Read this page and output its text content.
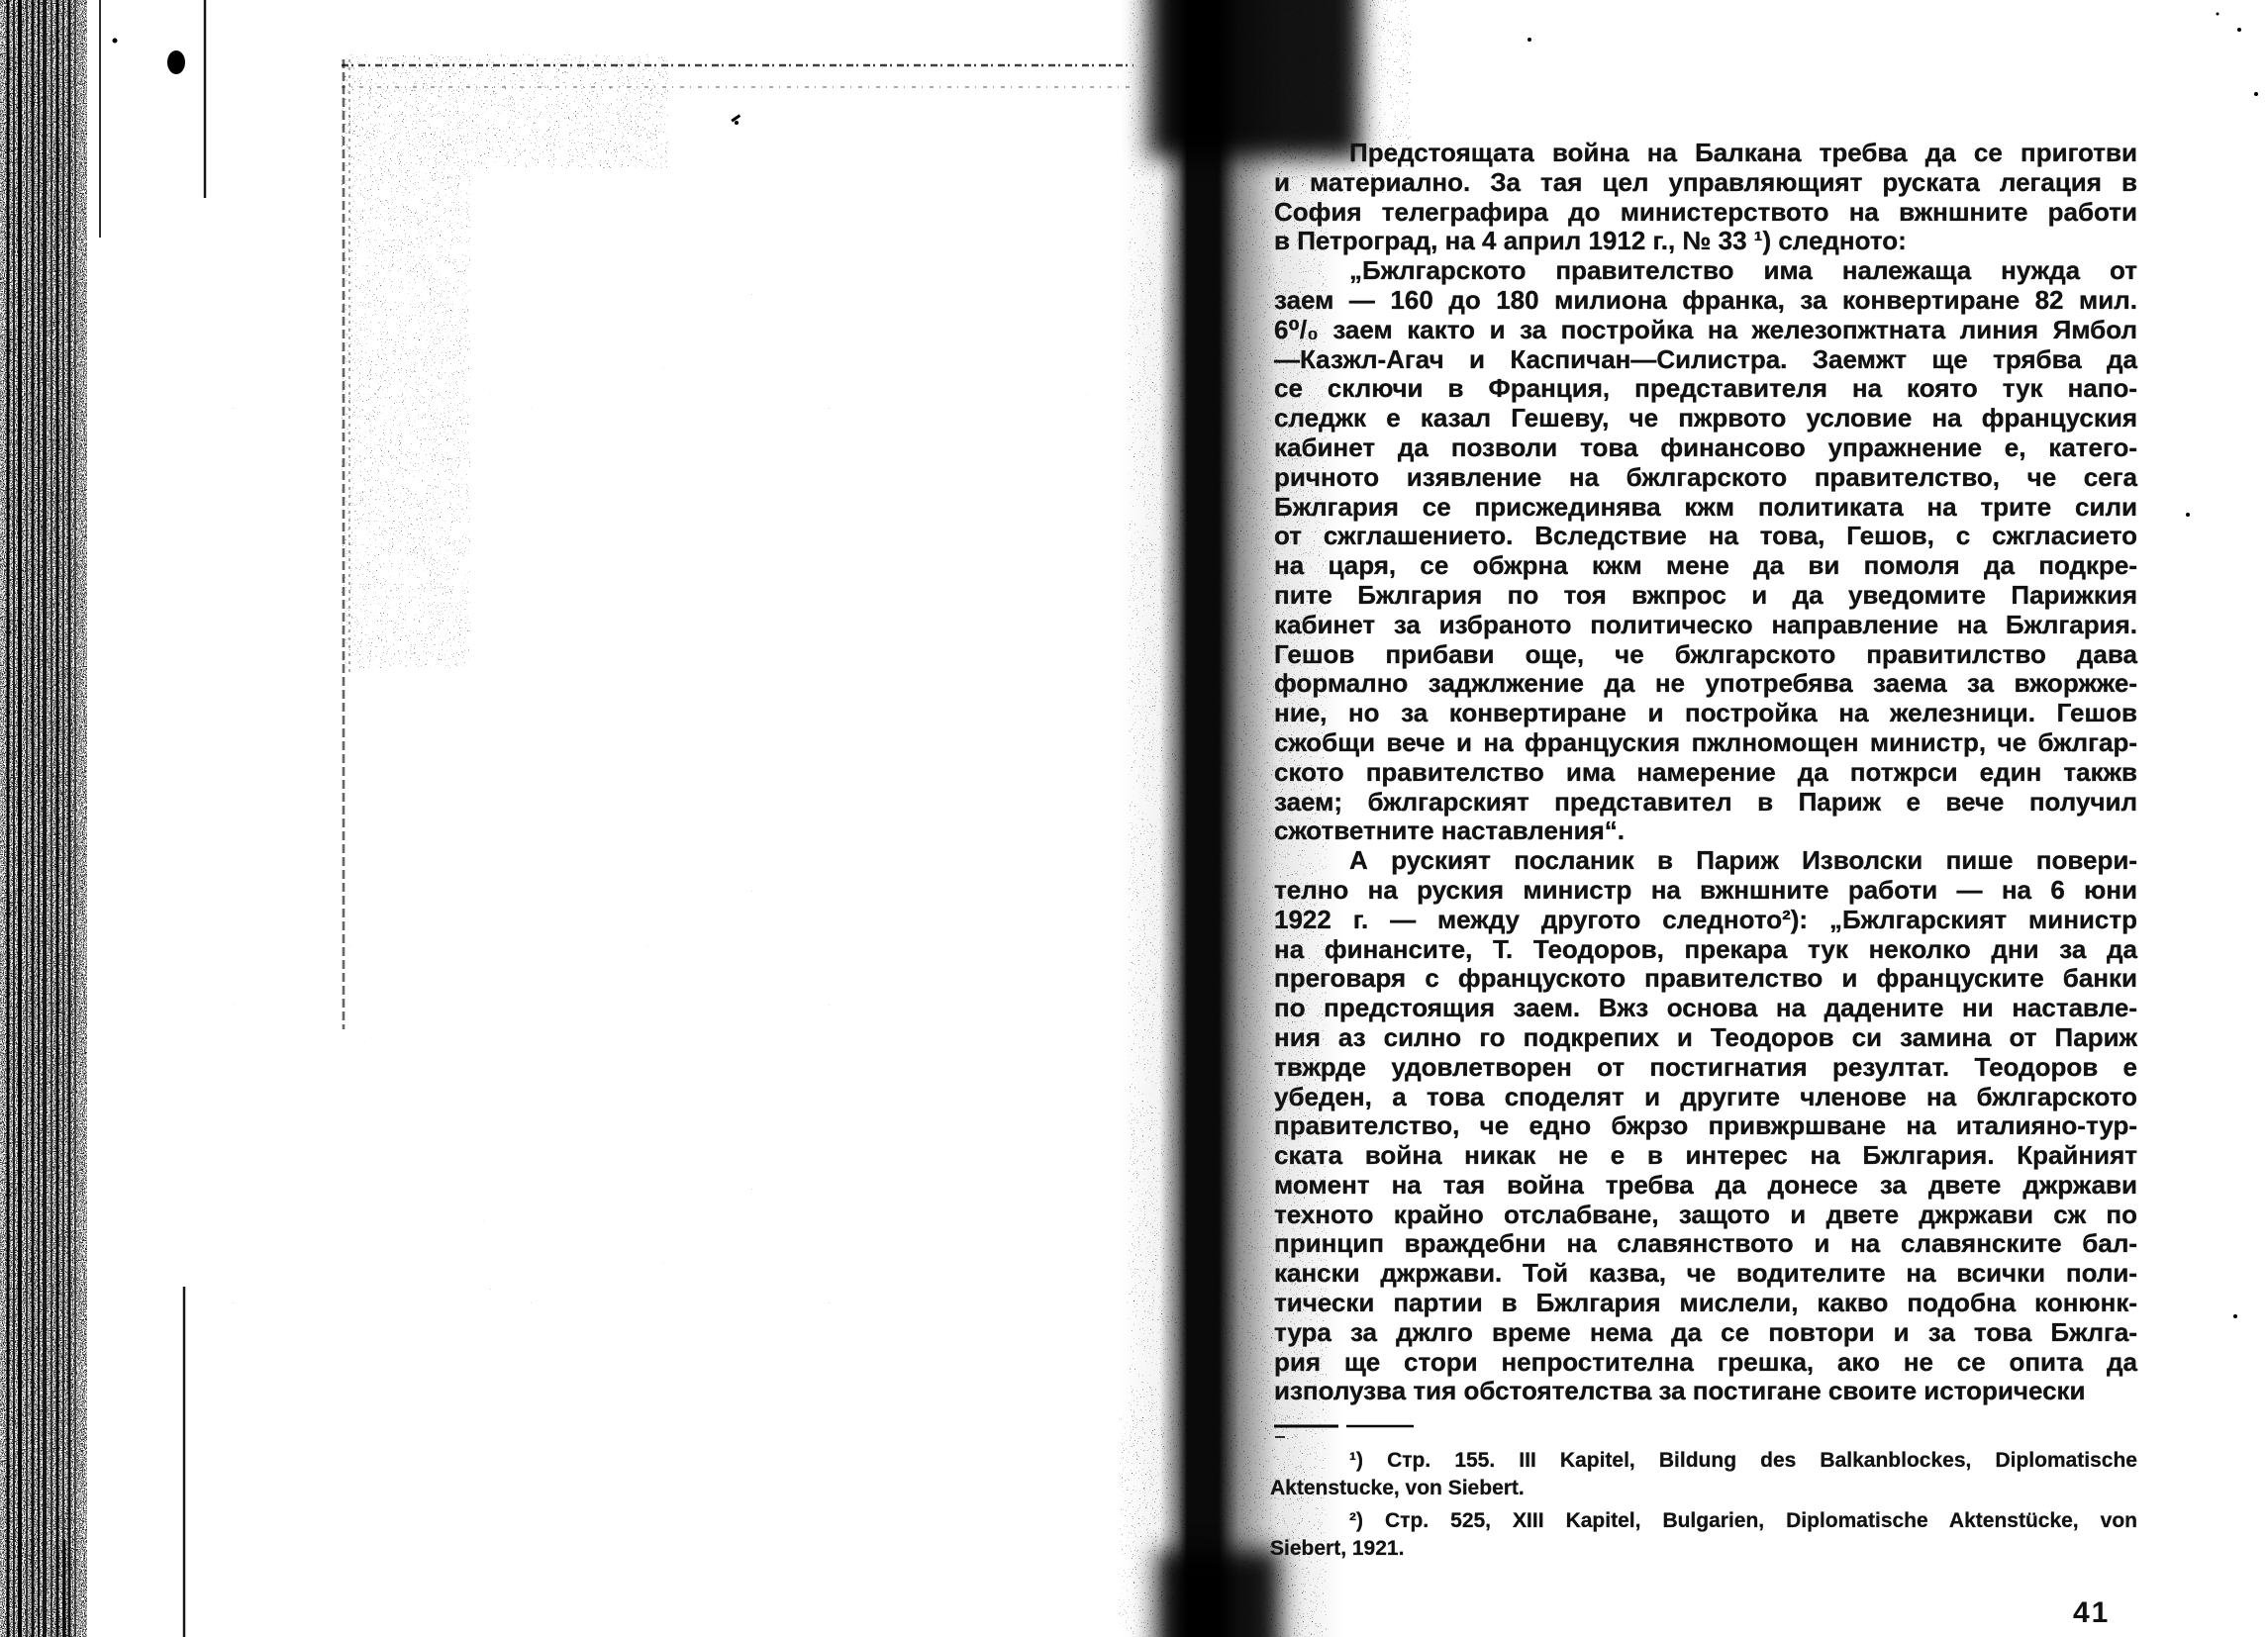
Предстоящата война на Балкана требва да се приготви
и материално. За тая цел управляющият руската легация в
София телеграфира до министерството на вжншните работи
в Петроград, на 4 април 1912 г., № 33 ¹) следното:
„Бжлгарското правителство има належаща нужда от
заем — 160 до 180 милиона франка, за конвертиране 82 мил.
6⁰/₀ заем както и за постройка на железопжтната линия Ямбол
—Казжл-Агач и Каспичан—Силистра. Заемжт ще трябва да
се сключи в Франция, представителя на която тук напо-
следжк е казал Гешеву, че пжрвото условие на француския
кабинет да позволи това финансово упражнение е, катего-
ричното изявление на бжлгарското правителство, че сега
Бжлгария се присжединява кжм политиката на трите сили
от сжглашението. Вследствие на това, Гешов, с сжгласието
на царя, се обжрна кжм мене да ви помоля да подкре-
пите Бжлгария по тоя вжпрос и да уведомите Парижкия
кабинет за избраното политическо направление на Бжлгария.
Гешов прибави още, че бжлгарското правитилство дава
формално заджлжение да не употребява заема за вжоржже-
ние, но за конвертиране и постройка на железници. Гешов
сжобщи вече и на француския пжлномощен министр, че бжлгар-
ското правителство има намерение да потжрси един такжв
заем; бжлгарският представител в Париж е вече получил
сжответните наставления“.
А руският посланик в Париж Изволски пише повери-
телно на руския министр на вжншните работи — на 6 юни
1922 г. — между другото следното²): „Бжлгарският министр
на финансите, Т. Теодоров, прекара тук неколко дни за да
преговаря с француското правителство и француските банки
по предстоящия заем. Вжз основа на дадените ни наставле-
ния аз силно го подкрепих и Теодоров си замина от Париж
твжрде удовлетворен от постигнатия резултат. Теодоров е
убеден, а това споделят и другите членове на бжлгарското
правителство, че едно бжрзо привжршване на италияно-тур-
ската война никак не е в интерес на Бжлгария. Крайният
момент на тая война требва да донесе за двете джржави
техното крайно отслабване, защото и двете джржави сж по
принцип враждебни на славянството и на славянските бал-
кански джржави. Той казва, че водителите на всички поли-
тически партии в Бжлгария мислели, какво подобна конюнк-
тура за джлго време нема да се повтори и за това Бжлга-
рия ще стори непростителна грешка, ако не се опита да
изполузва тия обстоятелства за постигане своите исторически
¹) Стр. 155. III Kapitel, Bildung des Balkanblockes, Diplomatische
Aktenstucke, von Siebert.
²) Стр. 525, XIII Kapitel, Bulgarien, Diplomatische Aktenstücke, von
Siebert, 1921.
41
